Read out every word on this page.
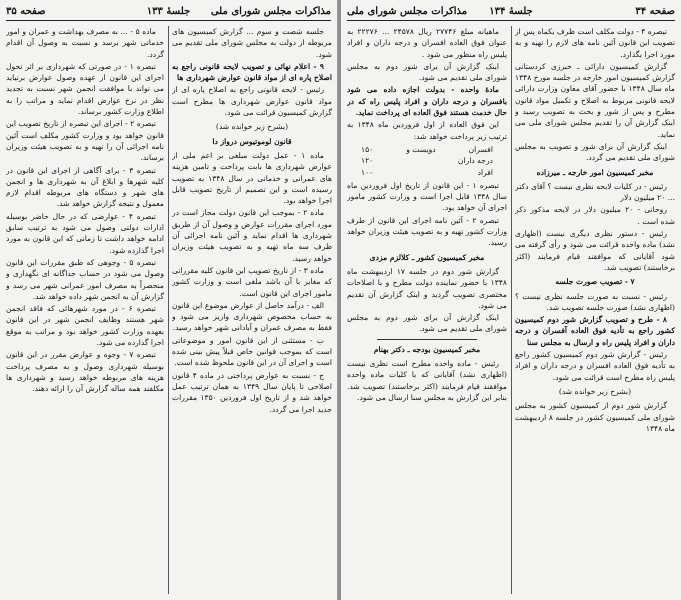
مذاکرات مجلس شورای ملی
جلسهٔ ۱۳۳
صفحه ۳۵

جلسه شصت و سوم ... گزارش کمیسیون های مربوطه از دولت به مجلس شورای ملی تقدیم می شود.

۹ - اعلام نهائی و تصویب لایحه قانونی راجع به اصلاح پاره ای از مواد قانون عوارض شهرداری ها

رئیس - لایحه قانونی راجع به اصلاح پاره ای از مواد قانون عوارض شهرداری ها مطرح است گزارش کمیسیون قرائت می شود.

(بشرح زیر خوانده شد)

قانون لوموتیوس درواز دا

ماده ۱ - عمل دولت مبلغی بر اعم ملی از عوارض شهرداری ها بابت پرداخت و تامین هزینه های عمرانی و خدماتی در سال ۱۳۴۸ به تصویب رسیده است و این تصمیم از تاریخ تصویب قابل اجرا خواهد بود.

ماده ۲ - بموجب این قانون دولت مجاز است در مورد اجرای مقررات عوارض و وصول آن از طریق شهرداری ها اقدام نماید و آئین نامه اجرائی آن ظرف سه ماه تهیه و به تصویب هیئت وزیران خواهد رسید.

ماده ۳ - از تاریخ تصویب این قانون کلیه مقرراتی که مغایر با آن باشد ملغی است و وزارت کشور مامور اجرای این قانون است.

الف - درآمد حاصل از عوارض موضوع این قانون به حساب مخصوص شهرداری واریز می شود و فقط به مصرف عمران و آبادانی شهر خواهد رسید.

ب - مستثنی از این قانون امور و موضوعاتی است که بموجب قوانین خاص قبلاً پیش بینی شده است و اجرای آن در این قانون ملحوظ شده است.

ج - نسبت به عوارض پرداختی در ماده ۴ قانون اصلاحی تا پایان سال ۱۳۴۹ به همان ترتیب عمل خواهد شد و از تاریخ اول فروردین ۱۳۵۰ مقررات جدید اجرا می گردد.

ماده ۵ - ... به مصرف بهداشت و عمران و امور خدماتی شهر برسد و نسبت به وصول آن اقدام گردد.

تبصره ۱ - در صورتی که شهرداری بر اثر تحول اجرای این قانون از عهده وصول عوارض برنیاید می تواند با موافقت انجمن شهر نسبت به تجدید نظر در نرخ عوارض اقدام نماید و مراتب را به اطلاع وزارت کشور برساند.

تبصره ۲ - اجرای این تبصره از تاریخ تصویب این قانون خواهد بود و وزارت کشور مکلف است آئین نامه اجرائی آن را تهیه و به تصویب هیئت وزیران برساند.

تبصره ۳ - برای آگاهی از اجرای این قانون در کلیه شهرها و ابلاغ آن به شهرداری ها و انجمن های شهر و دستگاه های مربوطه اقدام لازم معمول و نتیجه گزارش خواهد شد.

تبصره ۴ - عوارضی که در حال حاضر بوسیله ادارات دولتی وصول می شود به ترتیب سابق ادامه خواهد داشت تا زمانی که این قانون به مورد اجرا گذارده شود.

تبصره ۵ - وجوهی که طبق مقررات این قانون وصول می شود در حساب جداگانه ای نگهداری و منحصراً به مصرف امور عمرانی شهر می رسد و گزارش آن به انجمن شهر داده خواهد شد.

تبصره ۶ - در مورد شهرهائی که فاقد انجمن شهر هستند وظایف انجمن شهر در این قانون بعهده وزارت کشور خواهد بود و مراتب به موقع اجرا گذارده می شود.

تبصره ۷ - وجوه و عوارض مقرر در این قانون بوسیله شهرداری وصول و به مصرف پرداخت هزینه های مربوطه خواهد رسید و شهرداری ها مکلفند همه ساله گزارش آن را ارائه دهند.

صفحه ۳۴
جلسهٔ ۱۳۴
مذاکرات مجلس شورای ملی

تبصره ۴ - دولت مکلف است ظرف یکماه پس از تصویب این قانون آئین نامه های لازم را تهیه و به مورد اجرا بگذارد.

گزارش کمیسیون دارائی ـ خبرزی کردستانی گزارش کمیسیون امور خارجه در جلسه مورخ ۱۳۴۸ ماه سال ۱۳۴۸ با حضور آقای معاون وزارت دارائی لایحه قانونی مربوط به اصلاح و تکمیل مواد قانون مطرح و پس از شور و بحث به تصویب رسید و اینک گزارش آن را تقدیم مجلس شورای ملی می نماید.

اینک گزارش آن برای شور و تصویب به مجلس شورای ملی تقدیم می گردد.

مخبر کمیسیون امور خارجه ـ میرزاده

رئیس - در کلیات لایحه نظری نیست ؟ آقای دکتر ... ۲۰ میلیون دلار

روحانی - ۲۰ میلیون دلار در لایحه مذکور ذکر شده است .

رئیس - دستور نظری دیگری نیست (اظهاری نشد) ماده واحده قرائت می شود و رأی گرفته می شود آقایانی که موافقند قیام فرمایند (اکثر برخاستند) تصویب شد.

۷ - تصویب صورت جلسه

رئیس - نسبت به صورت جلسه نظری نیست ؟ (اظهاری نشد) صورت جلسه تصویب شد.

۸ - طرح و تصویب گزارش شور دوم کمیسیون کشور راجع به تأدیه فوق العاده آفسران و درجه داران و افراد پلیس راه و ارسال به مجلس سنا

رئیس - گزارش شور دوم کمیسیون کشور راجع به تأدیه فوق العاده افسران و درجه داران و افراد پلیس راه مطرح است قرائت می شود.

(بشرح زیر خوانده شد)

گزارش شور دوم از کمیسیون کشور به مجلس شورای ملی کمیسیون کشور در جلسه ۸ اردیبهشت ماه ۱۳۴۸

ماهیانه مبلغ ۲۷۷۴۶ ریال ۲۴۵۷۸ ... ۲۲۲۷۶ به عنوان فوق العاده افسران و درجه داران و افراد پلیس راه منظور می شود .

اینک گزارش آن برای شور دوم به مجلس شورای ملی تقدیم می شود.

مادهٔ واحده - بدولت اجازه داده می شود بافسران و درجه داران و افراد پلیس راه که در حال خدمت هستند فوق العاده ای پرداخت نماید.

این فوق العاده از اول فروردین ماه ۱۳۴۸ به ترتیب زیر پرداخت خواهد شد:

افسران
دویست و
۱۵۰
درجه داران
۱۲۰
افراد
۱۰۰

تبصره ۱ - این قانون از تاریخ اول فروردین ماه سال ۱۳۴۸ قابل اجرا است و وزارت کشور مامور اجرای آن خواهد بود.

تبصره ۲ - آئین نامه اجرای این قانون از طرف وزارت کشور تهیه و به تصویب هیئت وزیران خواهد رسید.

مخبر کمیسیون کشور ـ کلالزم مزدی

گزارش شور دوم در جلسه ۱۷ اردیبهشت ماه ۱۳۴۸ با حضور نماینده دولت مطرح و با اصلاحات مختصری تصویب گردید و اینک گزارش آن تقدیم می شود.

اینک گزارش آن برای شور دوم به مجلس شورای ملی تقدیم می شود.

مخبر کمیسیون بودجه ـ دکتر بهنام

رئیس - ماده واحده مطرح است نظری نیست (اظهاری نشد) آقایانی که با کلیات ماده واحده موافقند قیام فرمایند (اکثر برخاستند) تصویب شد. بنابر این گزارش به مجلس سنا ارسال می شود.
